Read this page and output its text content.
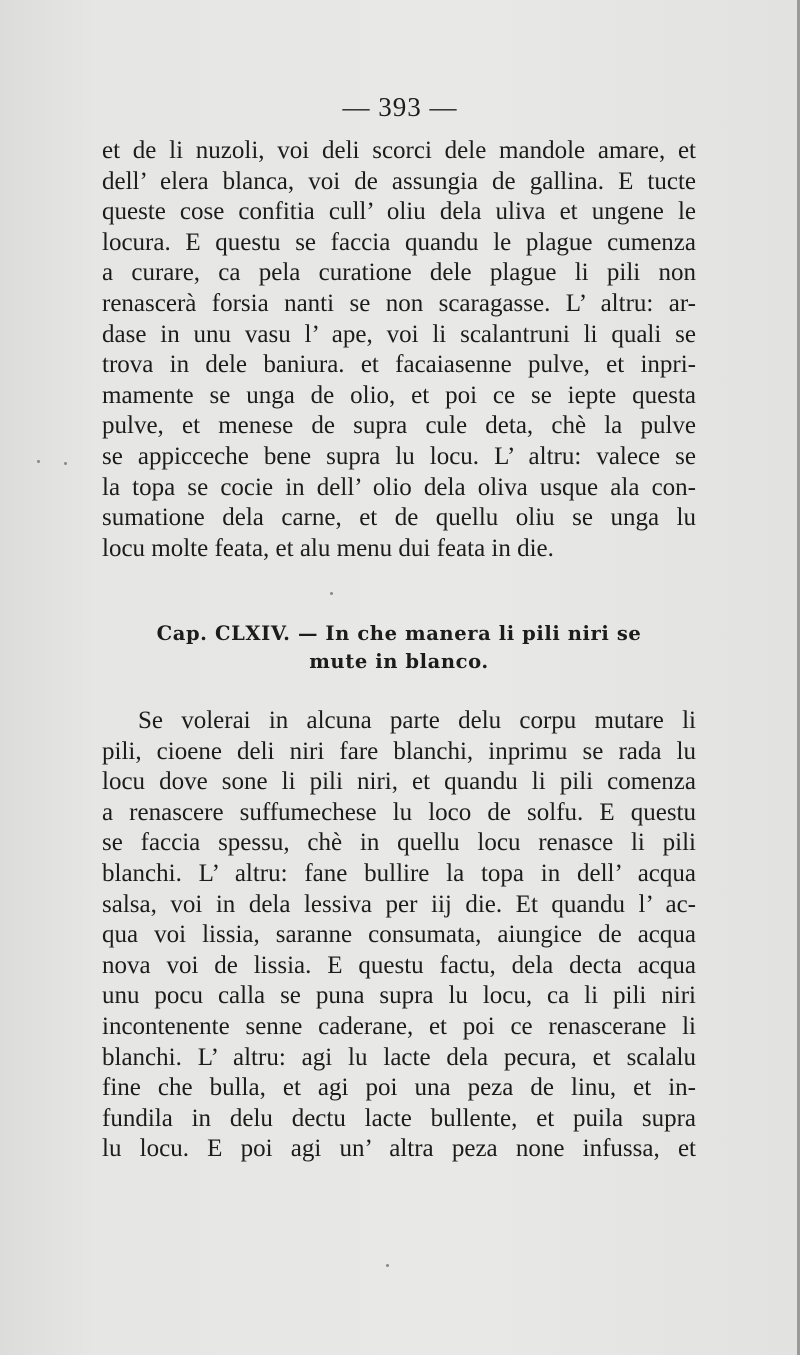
— 393 —
et de li nuzoli, voi deli scorci dele mandole amare, et
dell’ elera blanca, voi de assungia de gallina. E tucte
queste cose confitia cull’ oliu dela uliva et ungene le
locura. E questu se faccia quandu le plague cumenza
a curare, ca pela curatione dele plague li pili non
renascerà forsia nanti se non scaragasse. L’ altru: ar-
dase in unu vasu l’ ape, voi li scalantruni li quali se
trova in dele baniura. et facaiasenne pulve, et inpri-
mamente se unga de olio, et poi ce se iepte questa
pulve, et menese de supra cule deta, chè la pulve
se appicceche bene supra lu locu. L’ altru: valece se
la topa se cocie in dell’ olio dela oliva usque ala con-
sumatione dela carne, et de quellu oliu se unga lu
locu molte feata, et alu menu dui feata in die.
Cap. CLXIV. — In che manera li pili niri se
mute in blanco.
Se volerai in alcuna parte delu corpu mutare li
pili, cioene deli niri fare blanchi, inprimu se rada lu
locu dove sone li pili niri, et quandu li pili comenza
a renascere suffumechese lu loco de solfu. E questu
se faccia spessu, chè in quellu locu renasce li pili
blanchi. L’ altru: fane bullire la topa in dell’ acqua
salsa, voi in dela lessiva per iij die. Et quandu l’ ac-
qua voi lissia, saranne consumata, aiungice de acqua
nova voi de lissia. E questu factu, dela decta acqua
unu pocu calla se puna supra lu locu, ca li pili niri
incontenente senne caderane, et poi ce renascerane li
blanchi. L’ altru: agi lu lacte dela pecura, et scalalu
fine che bulla, et agi poi una peza de linu, et in-
fundila in delu dectu lacte bullente, et puila supra
lu locu. E poi agi un’ altra peza none infussa, et
